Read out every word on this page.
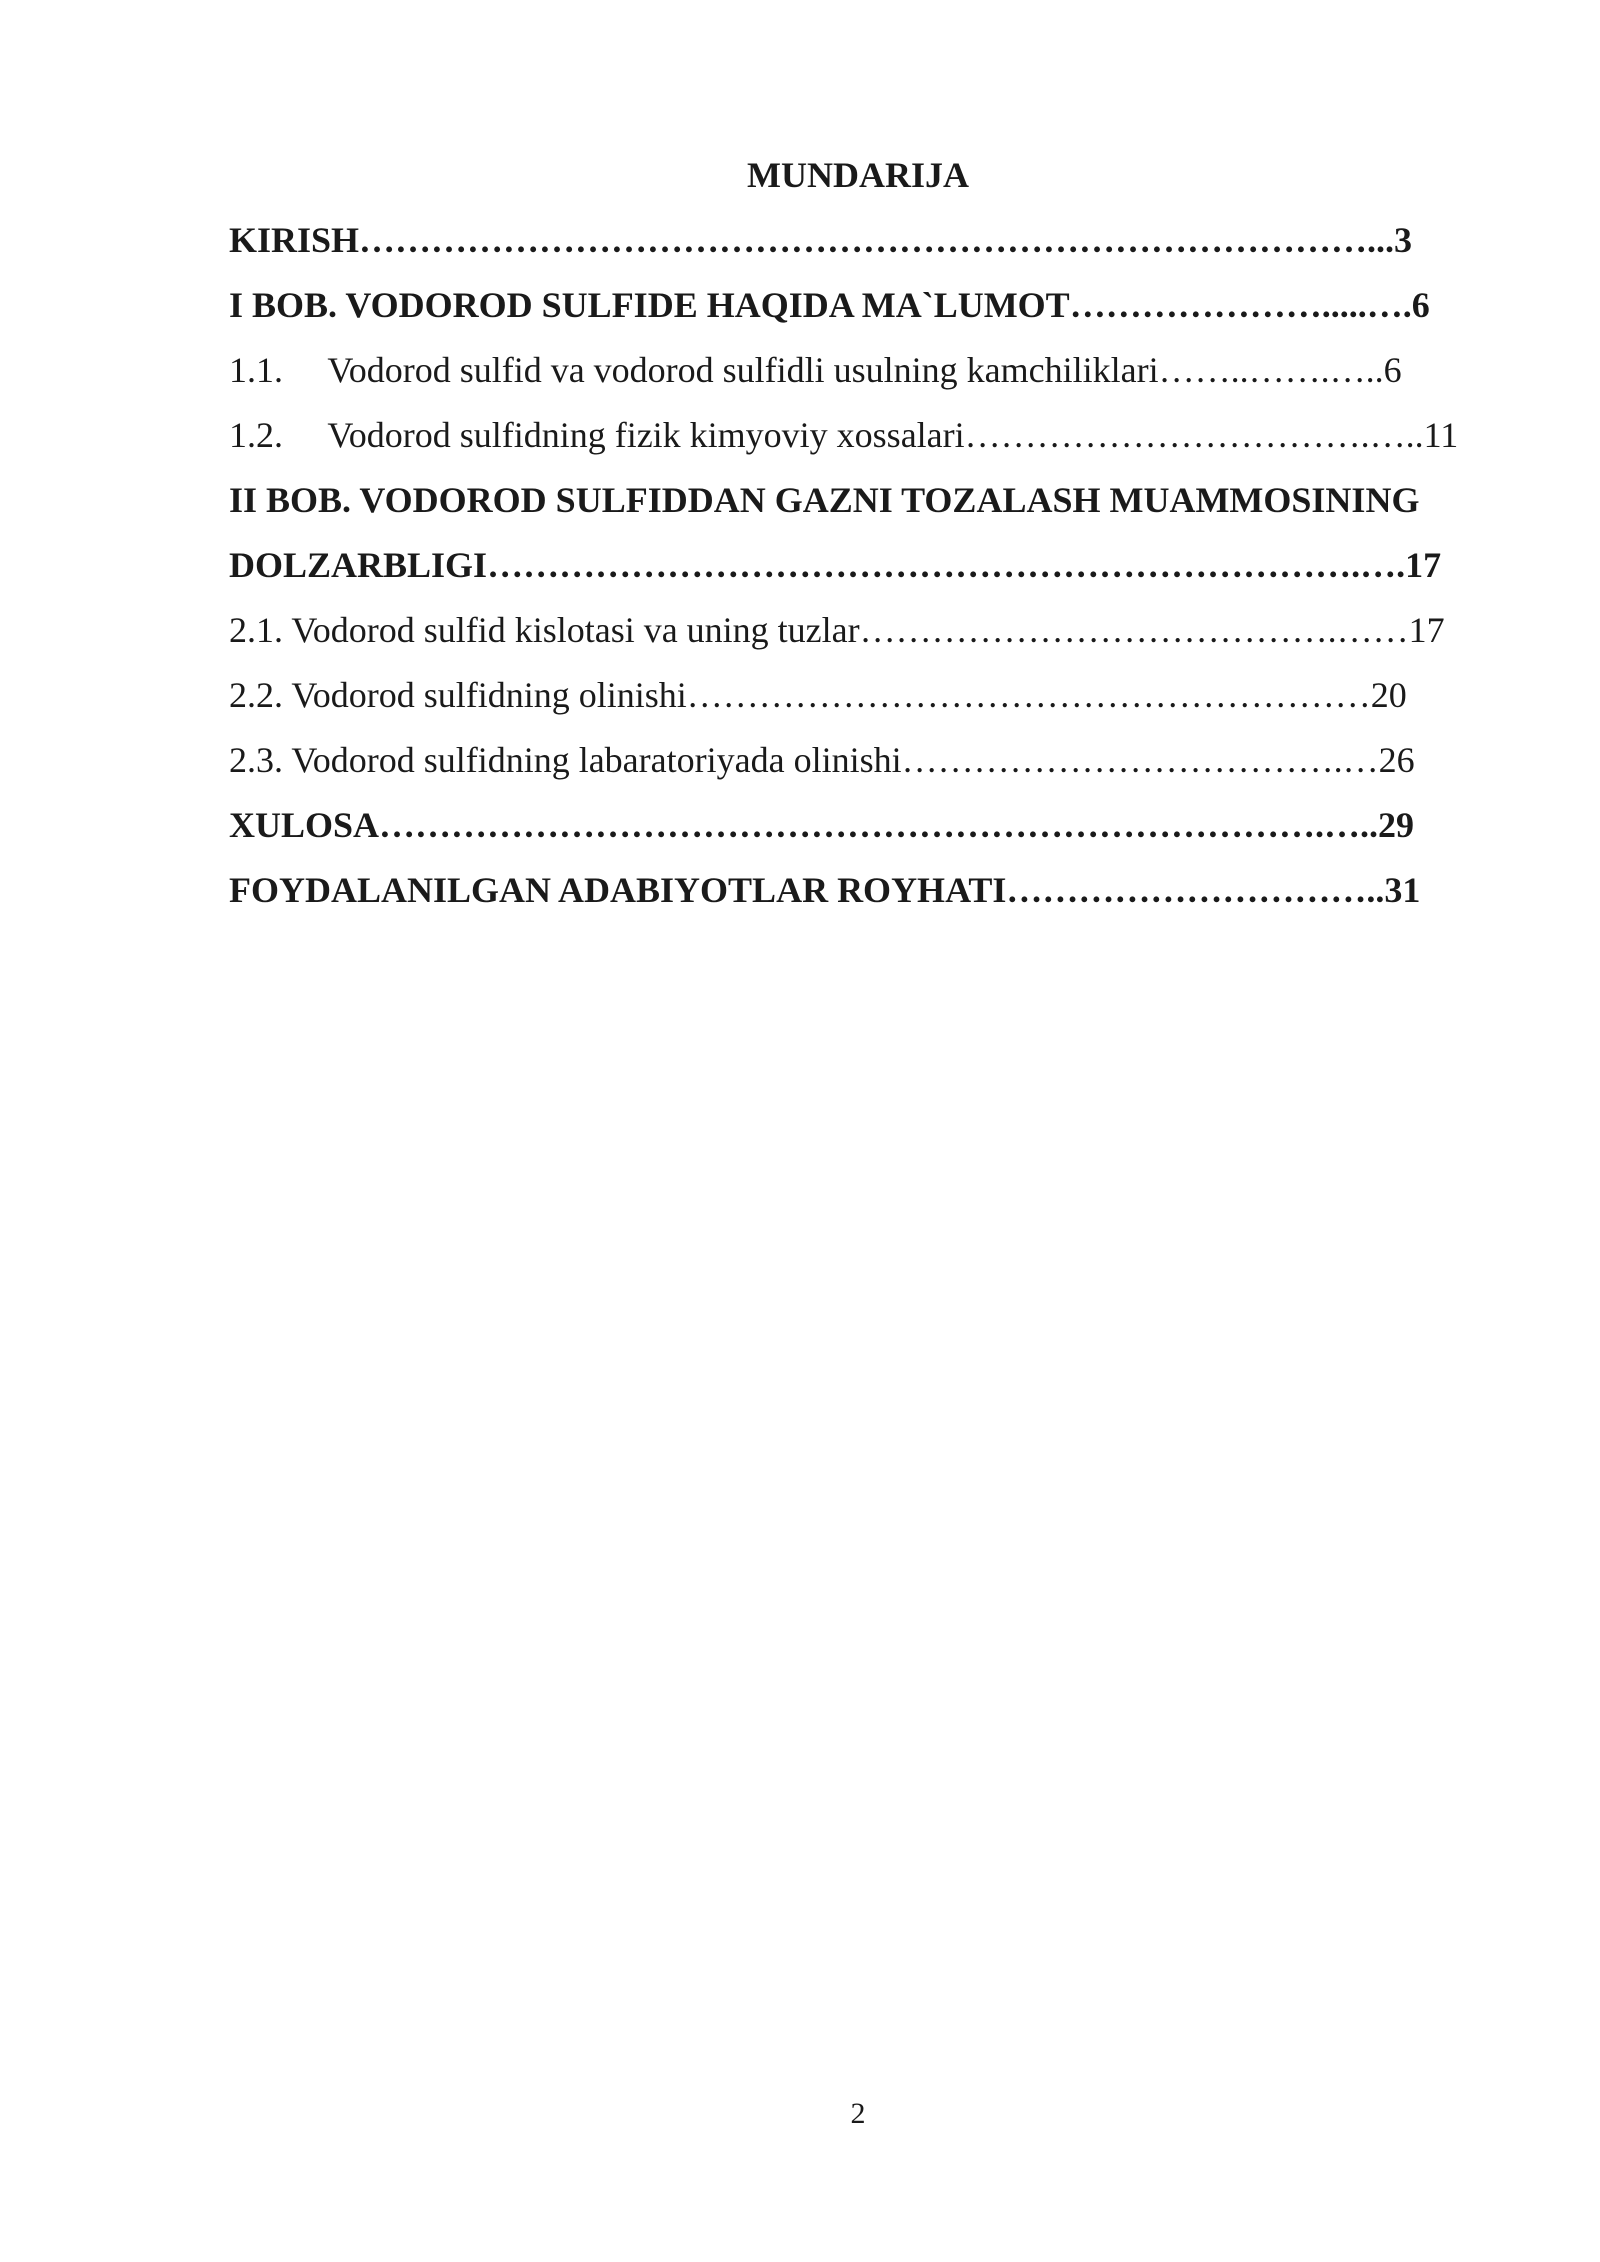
MUNDARIJA
KIRISH…………………………………………………………………………...3
I BOB. VODOROD SULFIDE HAQIDA MA`LUMOT………………….....….6
1.1.     Vodorod sulfid va vodorod sulfidli usulning kamchiliklari……..…….…..6
1.2.     Vodorod sulfidning fizik kimyoviy xossalari…………………………….…..11
II BOB. VODOROD SULFIDDAN GAZNI TOZALASH MUAMMOSINING
DOLZARBLIGI……………………………………………………………….….17
2.1. Vodorod sulfid kislotasi va uning tuzlar………………………………….……17
2.2. Vodorod sulfidning olinishi…………………………………………………20
2.3. Vodorod sulfidning labaratoriyada olinishi……………………………….…26
XULOSA…………………………………………………………………….…..29
FOYDALANILGAN ADABIYOTLAR ROYHATI…………………………..31
2
